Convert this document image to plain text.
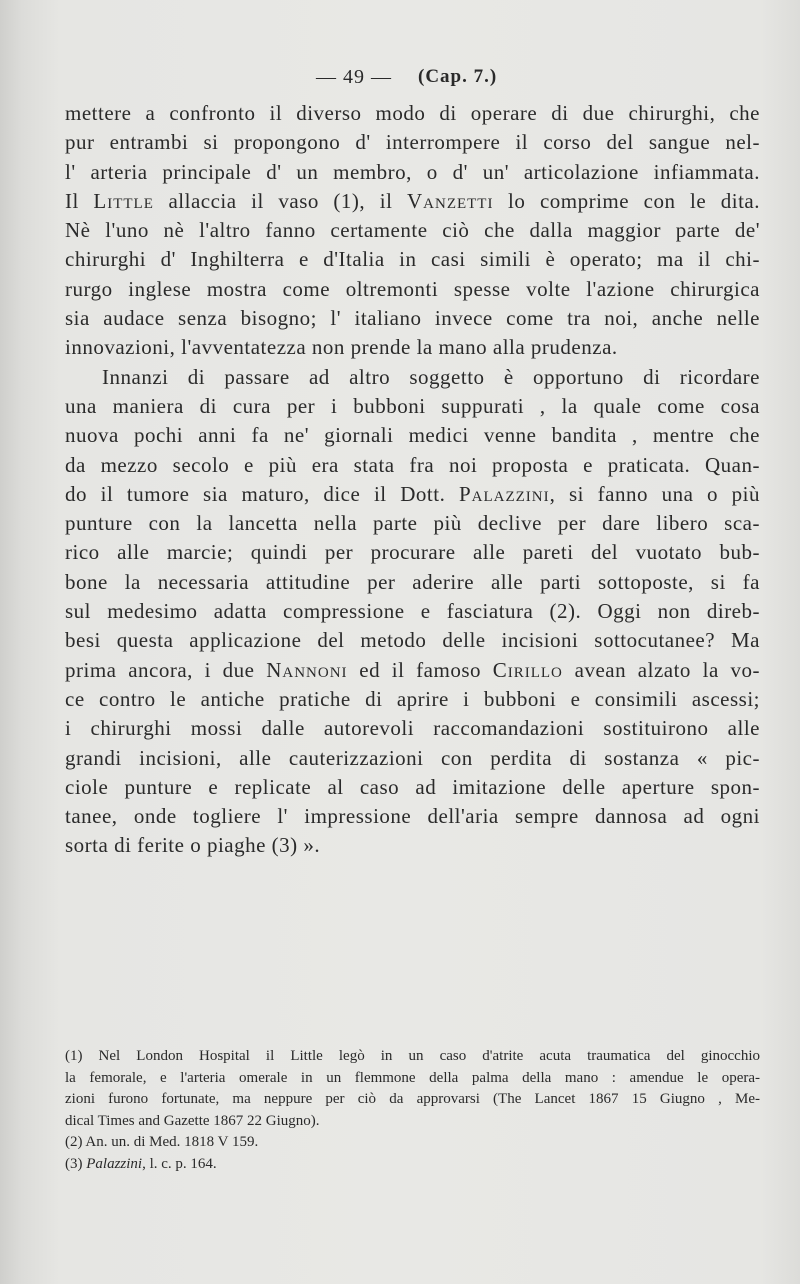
— 49 — (Cap. 7.)
mettere a confronto il diverso modo di operare di due chirurghi, che
pur entrambi si propongono d' interrompere il corso del sangue nel-
l' arteria principale d' un membro, o d' un' articolazione infiammata.
Il Little allaccia il vaso (1), il Vanzetti lo comprime con le dita.
Nè l'uno nè l'altro fanno certamente ciò che dalla maggior parte de'
chirurghi d' Inghilterra e d'Italia in casi simili è operato; ma il chi-
rurgo inglese mostra come oltremonti spesse volte l'azione chirurgica
sia audace senza bisogno; l' italiano invece come tra noi, anche nelle
innovazioni, l'avventatezza non prende la mano alla prudenza.
Innanzi di passare ad altro soggetto è opportuno di ricordare
una maniera di cura per i bubboni suppurati , la quale come cosa
nuova pochi anni fa ne' giornali medici venne bandita , mentre che
da mezzo secolo e più era stata fra noi proposta e praticata. Quan-
do il tumore sia maturo, dice il Dott. Palazzini, si fanno una o più
punture con la lancetta nella parte più declive per dare libero sca-
rico alle marcie; quindi per procurare alle pareti del vuotato bub-
bone la necessaria attitudine per aderire alle parti sottoposte, si fa
sul medesimo adatta compressione e fasciatura (2). Oggi non direb-
besi questa applicazione del metodo delle incisioni sottocutanee? Ma
prima ancora, i due Nannoni ed il famoso Cirillo avean alzato la vo-
ce contro le antiche pratiche di aprire i bubboni e consimili ascessi;
i chirurghi mossi dalle autorevoli raccomandazioni sostituirono alle
grandi incisioni, alle cauterizzazioni con perdita di sostanza « pic-
ciole punture e replicate al caso ad imitazione delle aperture spon-
tanee, onde togliere l' impressione dell'aria sempre dannosa ad ogni
sorta di ferite o piaghe (3) ».
(1) Nel London Hospital il Little legò in un caso d'atrite acuta traumatica del ginocchio
la femorale, e l'arteria omerale in un flemmone della palma della mano : amendue le opera-
zioni furono fortunate, ma neppure per ciò da approvarsi (The Lancet 1867 15 Giugno , Me-
dical Times and Gazette 1867 22 Giugno).
(2) An. un. di Med. 1818 V 159.
(3) Palazzini, l. c. p. 164.
